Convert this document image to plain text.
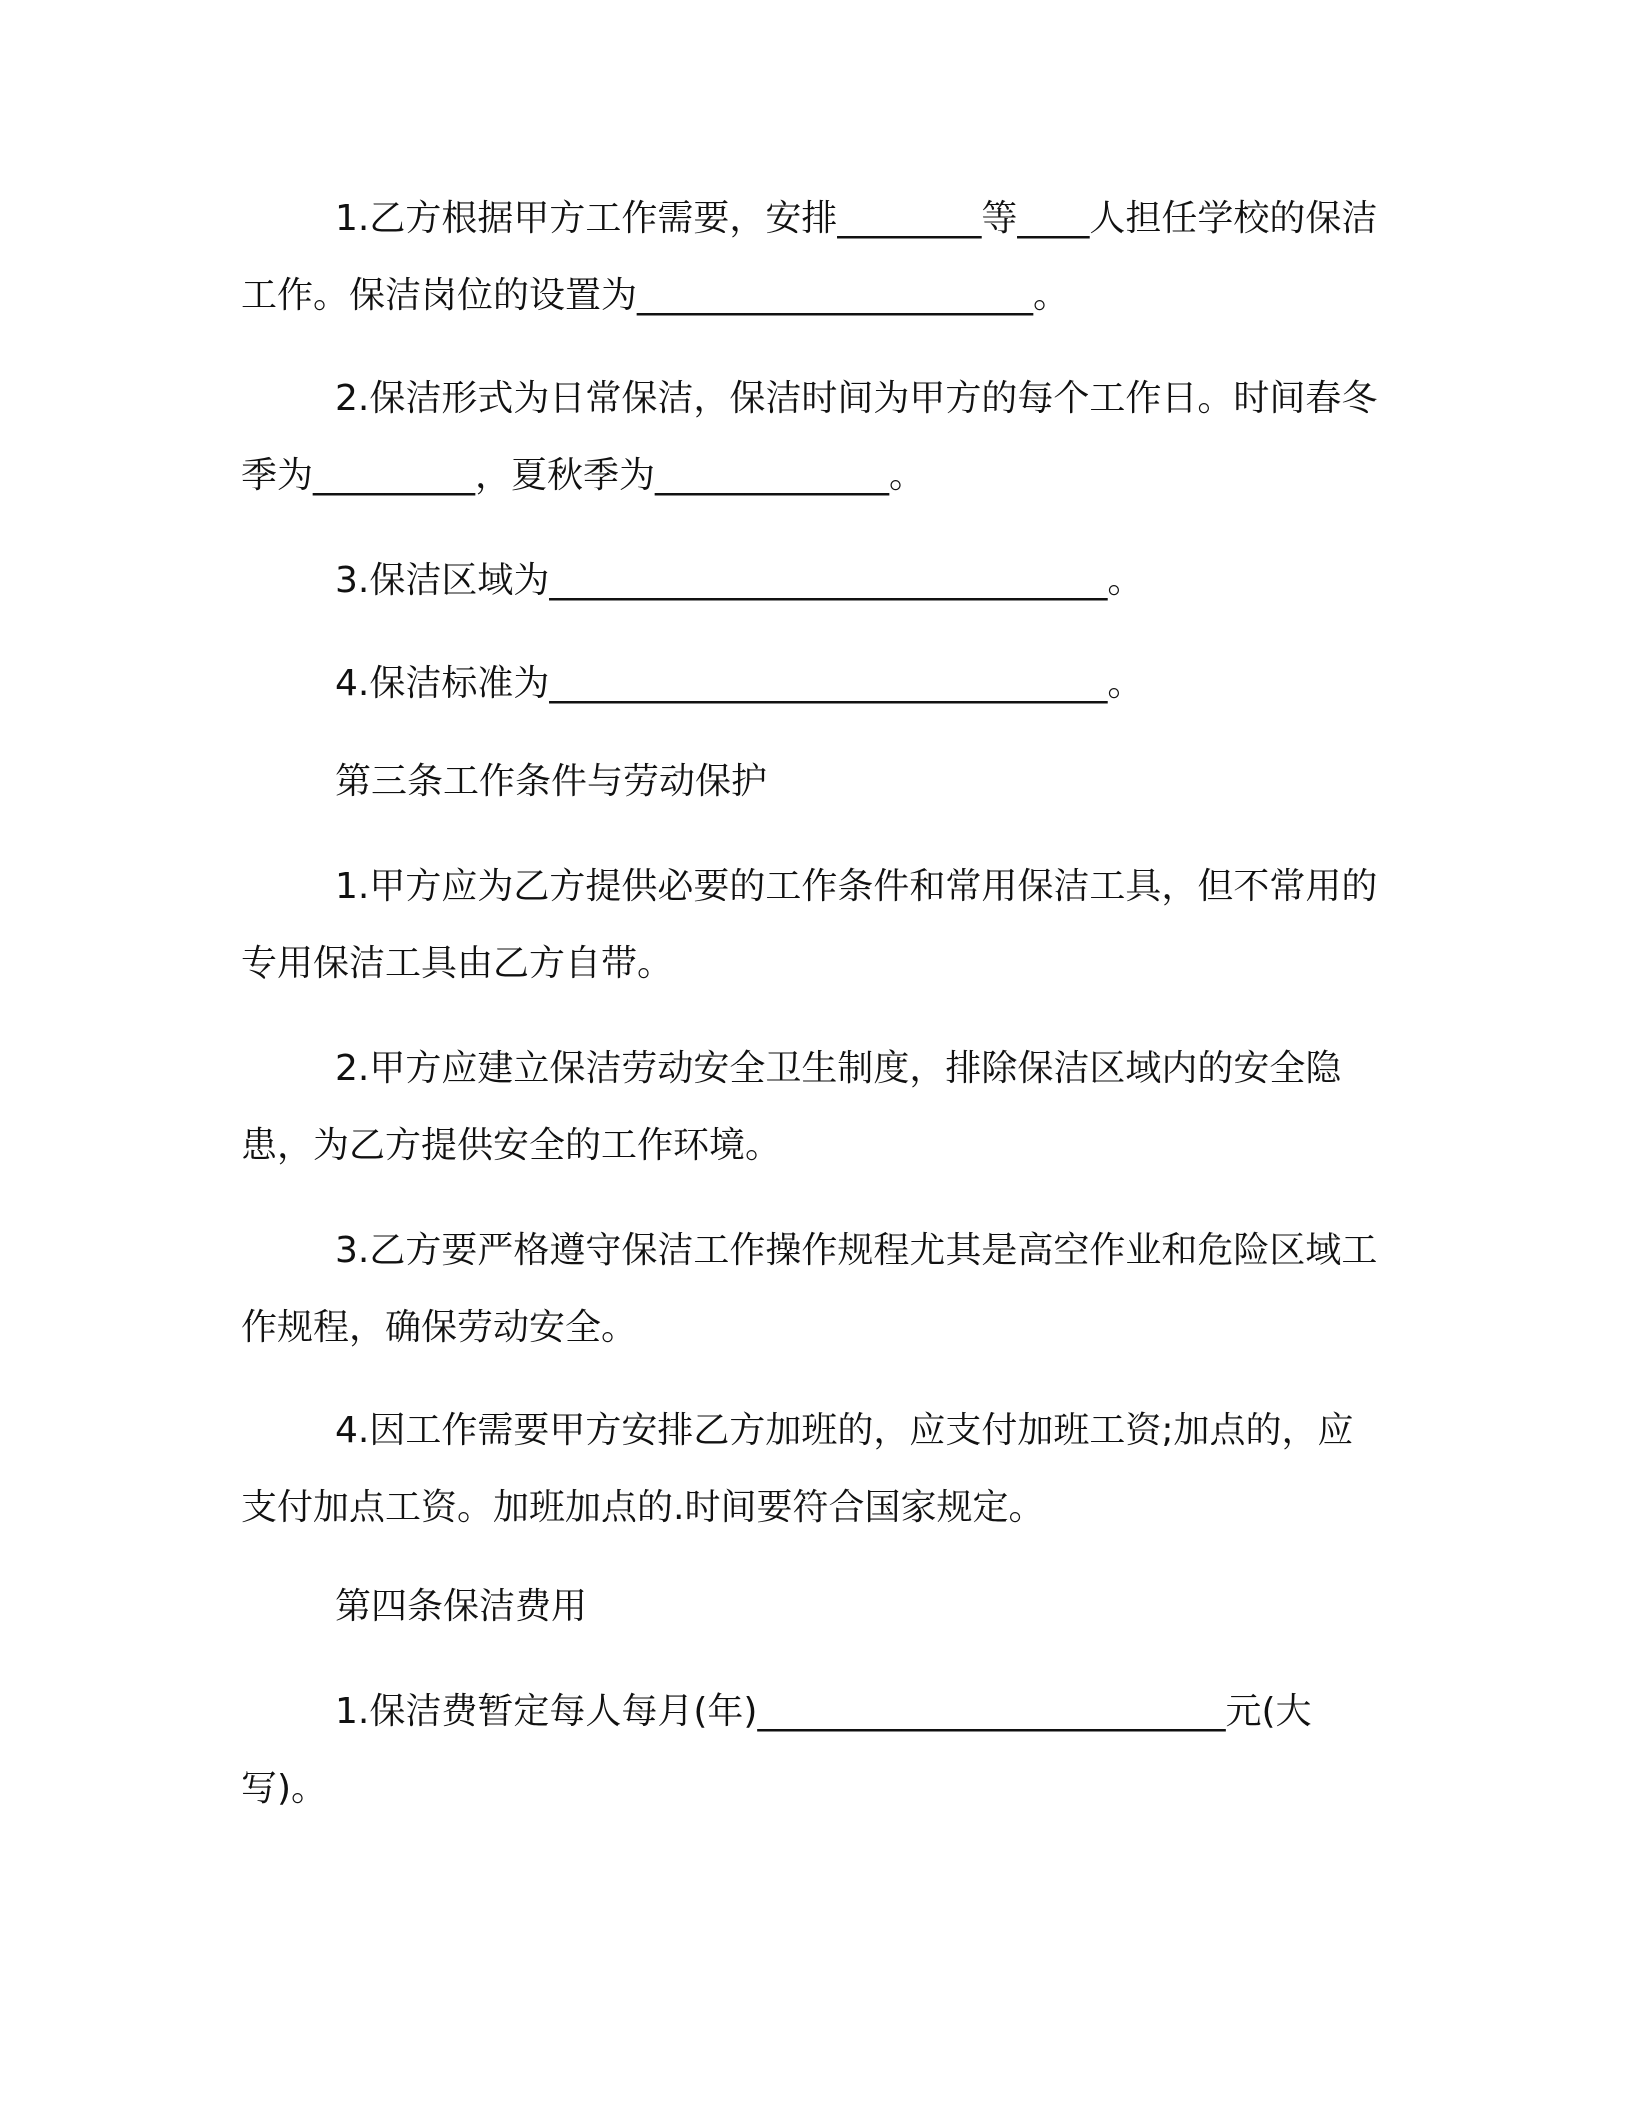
1.乙方根据甲方工作需要，安排________等____人担任学校的保洁工作。保洁岗位的设置为______________________。
2.保洁形式为日常保洁，保洁时间为甲方的每个工作日。时间春冬季为_________，夏秋季为_____________。
3.保洁区域为_______________________________。
4.保洁标准为_______________________________。
第三条工作条件与劳动保护
1.甲方应为乙方提供必要的工作条件和常用保洁工具，但不常用的专用保洁工具由乙方自带。
2.甲方应建立保洁劳动安全卫生制度，排除保洁区域内的安全隐患，为乙方提供安全的工作环境。
3.乙方要严格遵守保洁工作操作规程尤其是高空作业和危险区域工作规程，确保劳动安全。
4.因工作需要甲方安排乙方加班的，应支付加班工资;加点的，应支付加点工资。加班加点的.时间要符合国家规定。
第四条保洁费用
1.保洁费暂定每人每月(年)__________________________元(大写)。
